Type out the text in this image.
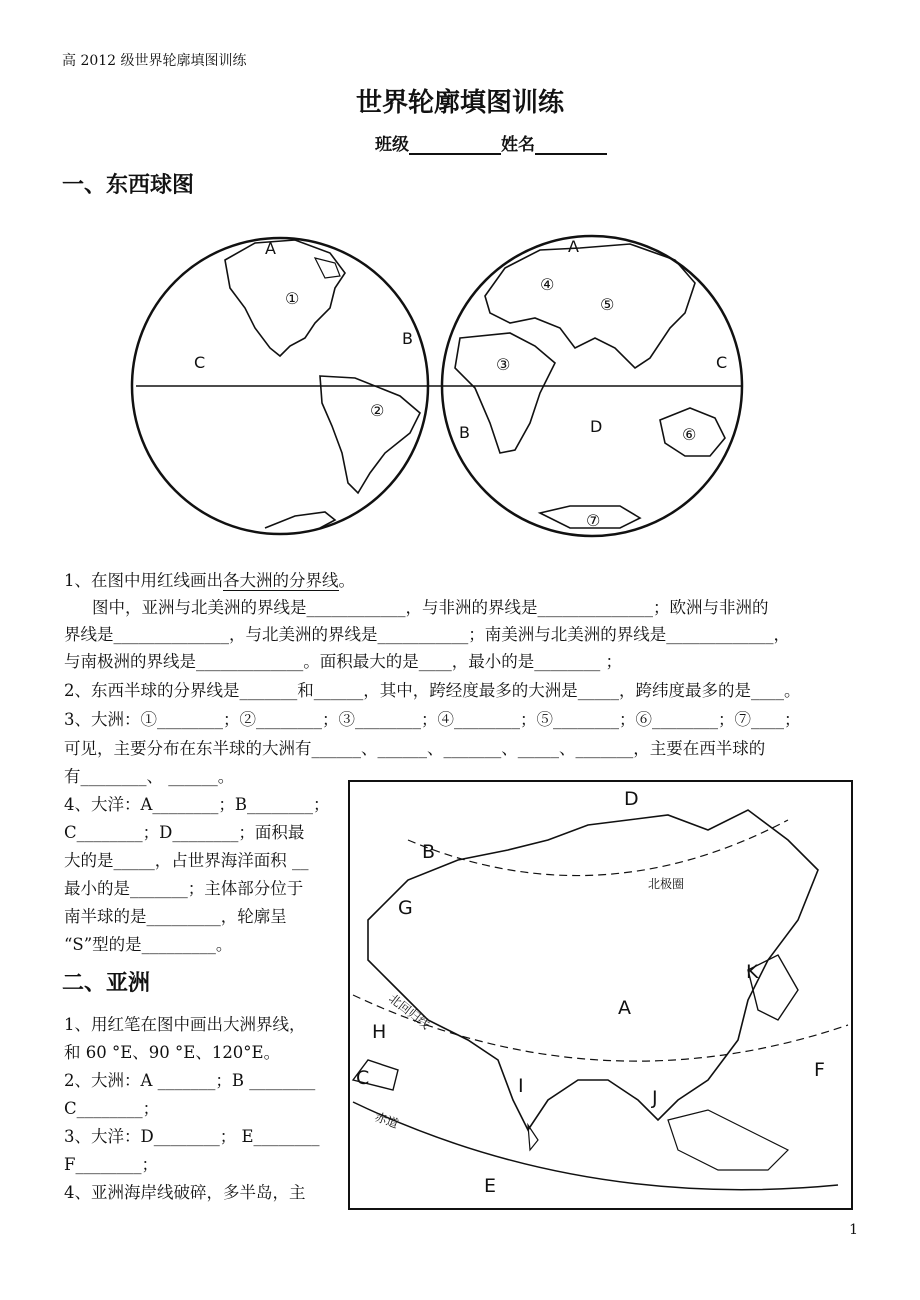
高 2012 级世界轮廓填图训练
世界轮廓填图训练
班级	姓名
一、东西球图
A
B
C
①
②
A
④
⑤
③	C
B	D	⑥
⑦
1、在图中用红线画出各大洲的分界线。
图中，亚洲与北美洲的界线是____________，与非洲的界线是______________；欧洲与非洲的
界线是______________，与北美洲的界线是___________；南美洲与北美洲的界线是_____________，
与南极洲的界线是_____________。面积最大的是____，最小的是________ ；
2、东西半球的分界线是_______和______，其中，跨经度最多的大洲是_____，跨纬度最多的是____。
3、大洲：①________；②________；③________；④________；⑤________；⑥________；⑦____；
可见，主要分布在东半球的大洲有______、______、_______、_____、_______，主要在西半球的
有________、 ______。
4、大洋：A________；B________；
C________；D________；面积最
大的是_____，占世界海洋面积 __
最小的是_______；主体部分位于
南半球的是_________，轮廓呈
“S”型的是_________。
二、亚洲
1、用红笔在图中画出大洲界线，
和 60 °E、90 °E、120°E。
2、大洲：A _______；B ________
C________；
3、大洋：D________； E________
F________；
4、亚洲海岸线破碎，多半岛，主
D
B
G
K
A
H
C	F
I
J
E
北极圈
北回归线
赤道
1
